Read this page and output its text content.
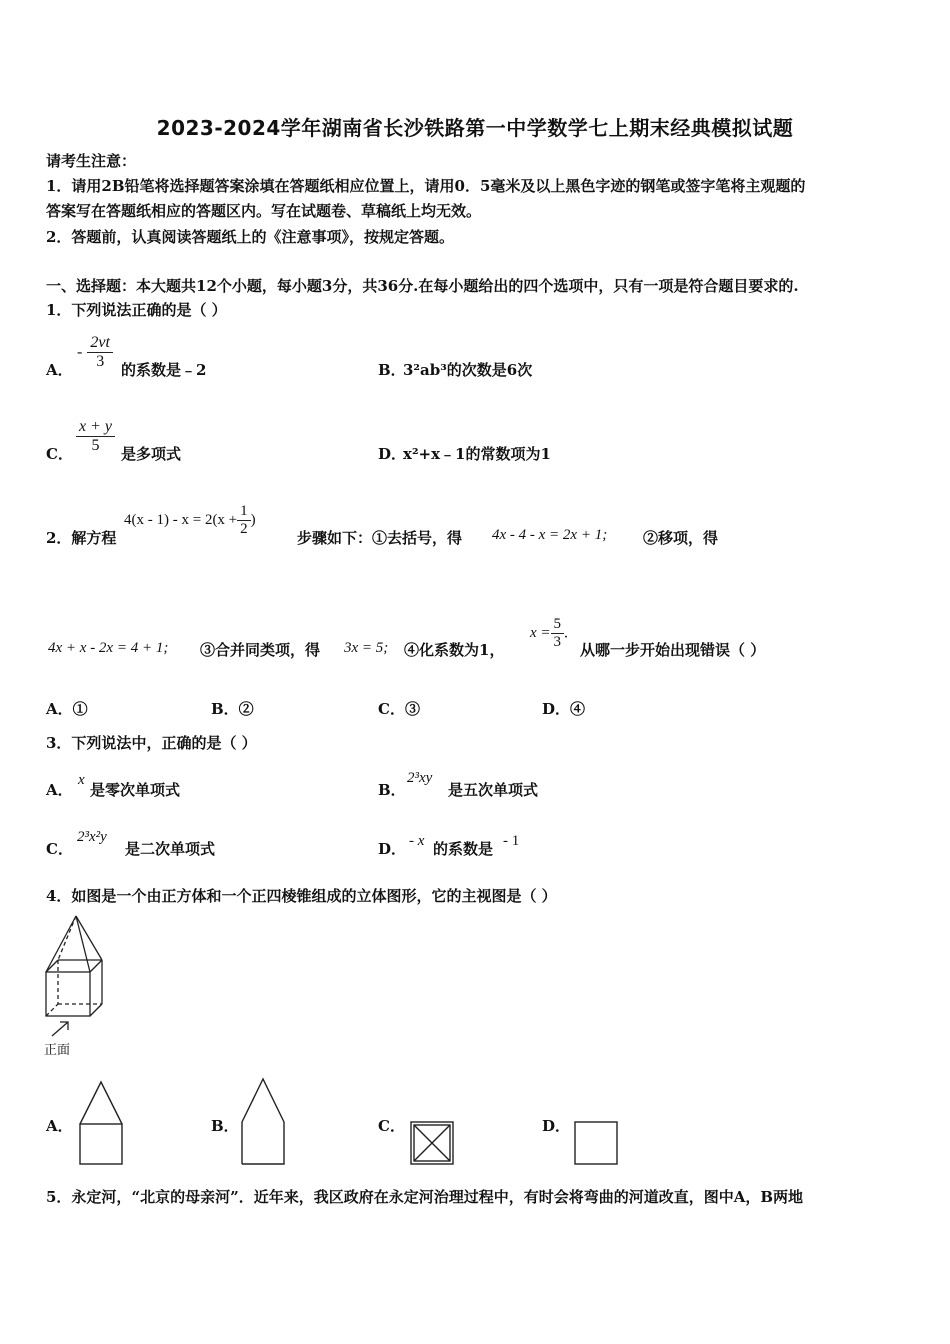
2023-2024学年湖南省长沙铁路第一中学数学七上期末经典模拟试题
请考生注意：
1．请用2B铅笔将选择题答案涂填在答题纸相应位置上，请用0．5毫米及以上黑色字迹的钢笔或签字笔将主观题的
答案写在答题纸相应的答题区内。写在试题卷、草稿纸上均无效。
2．答题前，认真阅读答题纸上的《注意事项》，按规定答题。
一、选择题：本大题共12个小题，每小题3分，共36分.在每小题给出的四个选项中，只有一项是符合题目要求的.
1．下列说法正确的是（ ）
A．
- $\frac{2vt}{3}$ 的系数是﹣2	B．
3²ab³的次数是6次
C． $\frac{x + y}{5}$ 是多项式	D．
x²+x﹣1的常数项为1
2．解方程
$4(x - 1) - x = 2(x + \frac{1}{2}$ )
步骤如下：①去括号，得 4x - 4 - x = 2x + 1; ②移项，得
4x + x - 2x = 4 + 1; ③合并同类项，得 3x = 5; ④化系数为1，
$x = \frac{5}{3}$ .
从哪一步开始出现错误（ ）
A．①	B．②	C．③	D．④
3．下列说法中，正确的是（ ）
A．
x
是零次单项式	B．
2³xy
是五次单项式
C．
2³x²y
是二次单项式	D． - x 的系数是 - 1
4．如图是一个由正方体和一个正四棱锥组成的立体图形，它的主视图是（ ）
正面
A．	B．	C．	D．
5．永定河，“北京的母亲河”．近年来，我区政府在永定河治理过程中，有时会将弯曲的河道改直，图中A，B两地
